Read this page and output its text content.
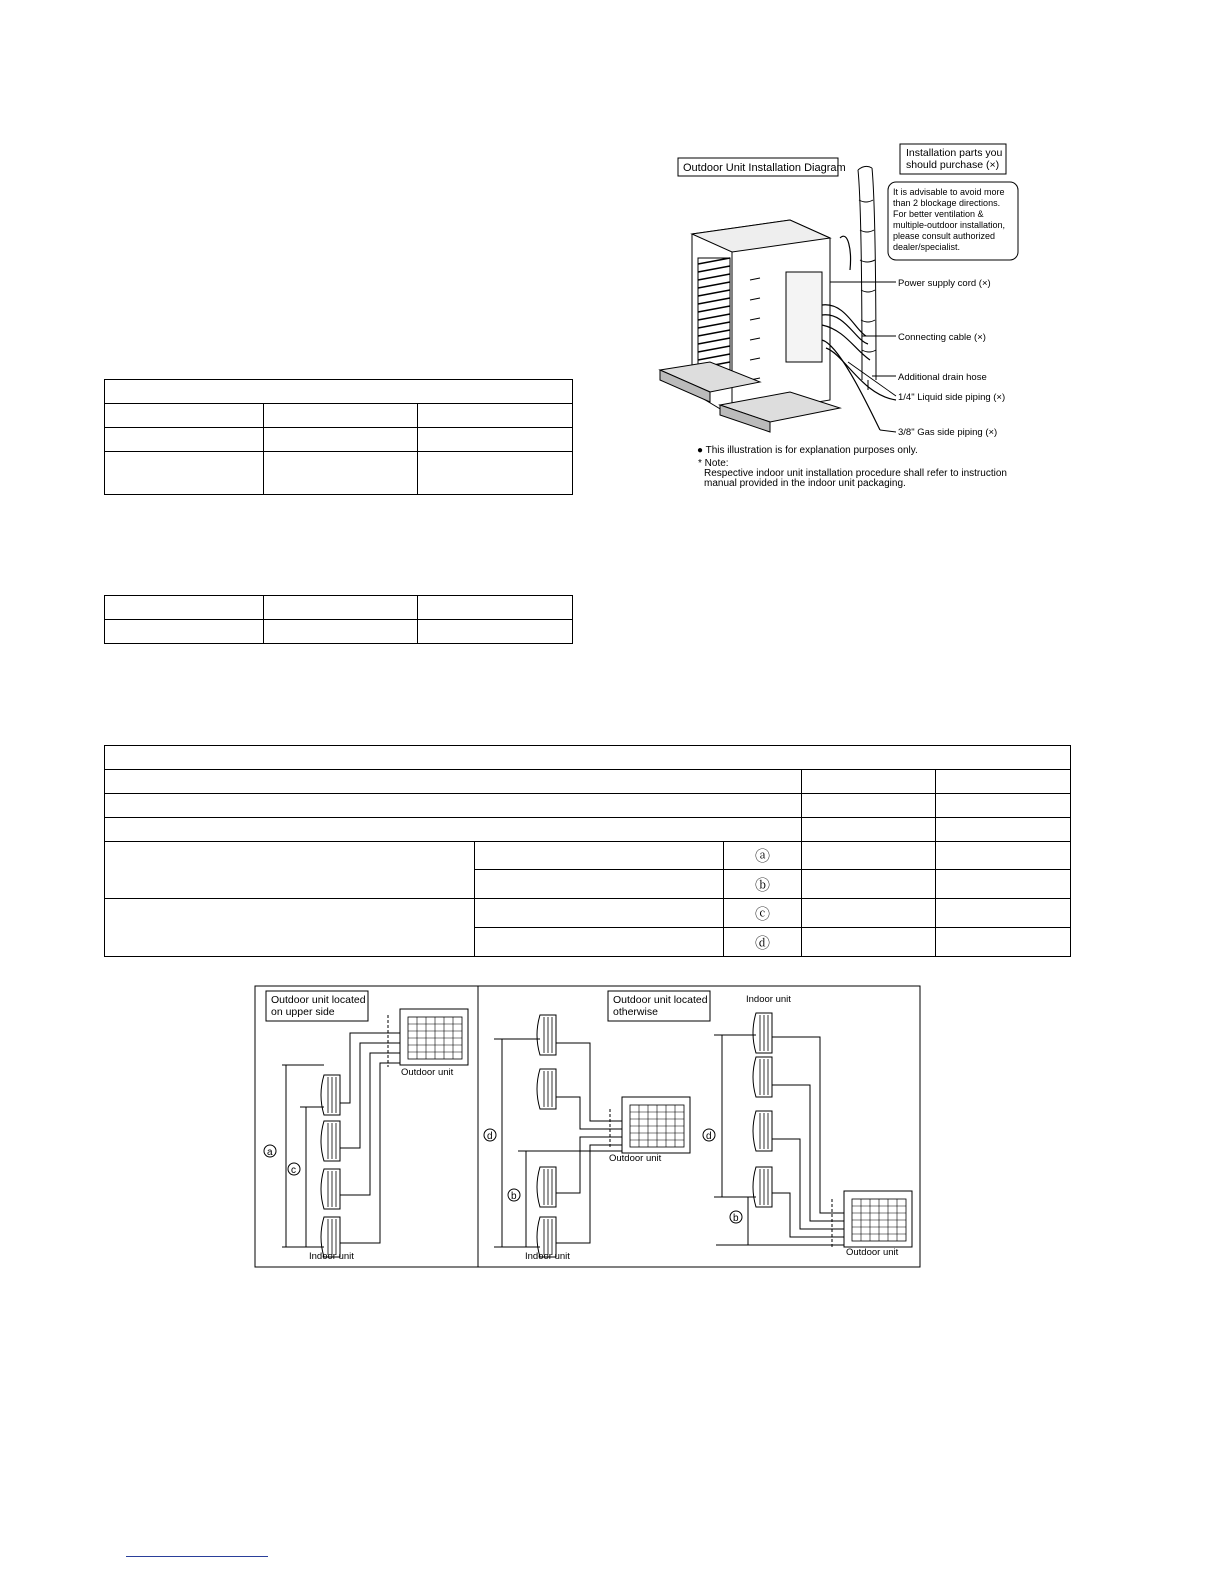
Outdoor Unit Installation Diagram
Installation parts you
should purchase (×)
It is advisable to avoid more
than 2 blockage directions.
For better ventilation &
multiple-outdoor installation,
please consult authorized
dealer/specialist.
Power supply cord (×)
Connecting cable (×)
Additional drain hose
1/4" Liquid side piping (×)
3/8" Gas side piping (×)
● This illustration is for explanation purposes only.
* Note:
Respective indoor unit installation procedure shall refer to instruction
manual provided in the indoor unit packaging.

		ⓐ		
		ⓑ		
		ⓒ		
		ⓓ		
Outdoor unit located
on upper side
Outdoor unit
Indoor unit
a
c
Outdoor unit located
otherwise
Outdoor unit
Indoor unit
d
b
Indoor unit
Outdoor unit
d
b
